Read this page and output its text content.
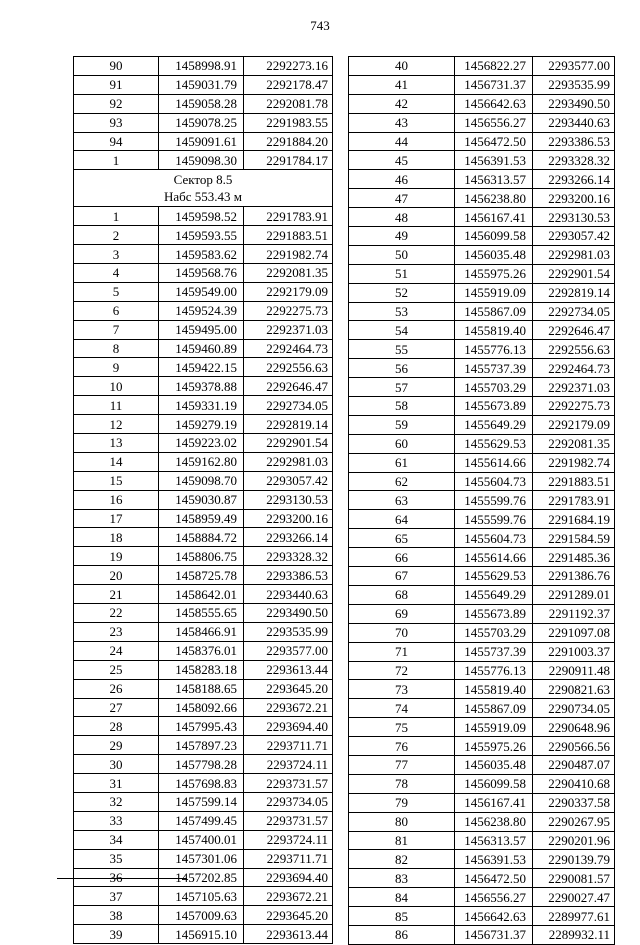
743
90	1458998.91	2292273.16
91	1459031.79	2292178.47
92	1459058.28	2292081.78
93	1459078.25	2291983.55
94	1459091.61	2291884.20
1	1459098.30	2291784.17

Сектор 8.5
Набс 553.43 м		

1	1459598.52	2291783.91
2	1459593.55	2291883.51
3	1459583.62	2291982.74
4	1459568.76	2292081.35
5	1459549.00	2292179.09
6	1459524.39	2292275.73
7	1459495.00	2292371.03
8	1459460.89	2292464.73
9	1459422.15	2292556.63
10	1459378.88	2292646.47
11	1459331.19	2292734.05
12	1459279.19	2292819.14
13	1459223.02	2292901.54
14	1459162.80	2292981.03
15	1459098.70	2293057.42
16	1459030.87	2293130.53
17	1458959.49	2293200.16
18	1458884.72	2293266.14
19	1458806.75	2293328.32
20	1458725.78	2293386.53
21	1458642.01	2293440.63
22	1458555.65	2293490.50
23	1458466.91	2293535.99
24	1458376.01	2293577.00
25	1458283.18	2293613.44
26	1458188.65	2293645.20
27	1458092.66	2293672.21
28	1457995.43	2293694.40
29	1457897.23	2293711.71
30	1457798.28	2293724.11
31	1457698.83	2293731.57
32	1457599.14	2293734.05
33	1457499.45	2293731.57
34	1457400.01	2293724.11
35	1457301.06	2293711.71
36	1457202.85	2293694.40
37	1457105.63	2293672.21
38	1457009.63	2293645.20
39	1456915.10	2293613.44
40	1456822.27	2293577.00
41	1456731.37	2293535.99
42	1456642.63	2293490.50
43	1456556.27	2293440.63
44	1456472.50	2293386.53
45	1456391.53	2293328.32
46	1456313.57	2293266.14
47	1456238.80	2293200.16
48	1456167.41	2293130.53
49	1456099.58	2293057.42
50	1456035.48	2292981.03
51	1455975.26	2292901.54
52	1455919.09	2292819.14
53	1455867.09	2292734.05
54	1455819.40	2292646.47
55	1455776.13	2292556.63
56	1455737.39	2292464.73
57	1455703.29	2292371.03
58	1455673.89	2292275.73
59	1455649.29	2292179.09
60	1455629.53	2292081.35
61	1455614.66	2291982.74
62	1455604.73	2291883.51
63	1455599.76	2291783.91
64	1455599.76	2291684.19
65	1455604.73	2291584.59
66	1455614.66	2291485.36
67	1455629.53	2291386.76
68	1455649.29	2291289.01
69	1455673.89	2291192.37
70	1455703.29	2291097.08
71	1455737.39	2291003.37
72	1455776.13	2290911.48
73	1455819.40	2290821.63
74	1455867.09	2290734.05
75	1455919.09	2290648.96
76	1455975.26	2290566.56
77	1456035.48	2290487.07
78	1456099.58	2290410.68
79	1456167.41	2290337.58
80	1456238.80	2290267.95
81	1456313.57	2290201.96
82	1456391.53	2290139.79
83	1456472.50	2290081.57
84	1456556.27	2290027.47
85	1456642.63	2289977.61
86	1456731.37	2289932.11
